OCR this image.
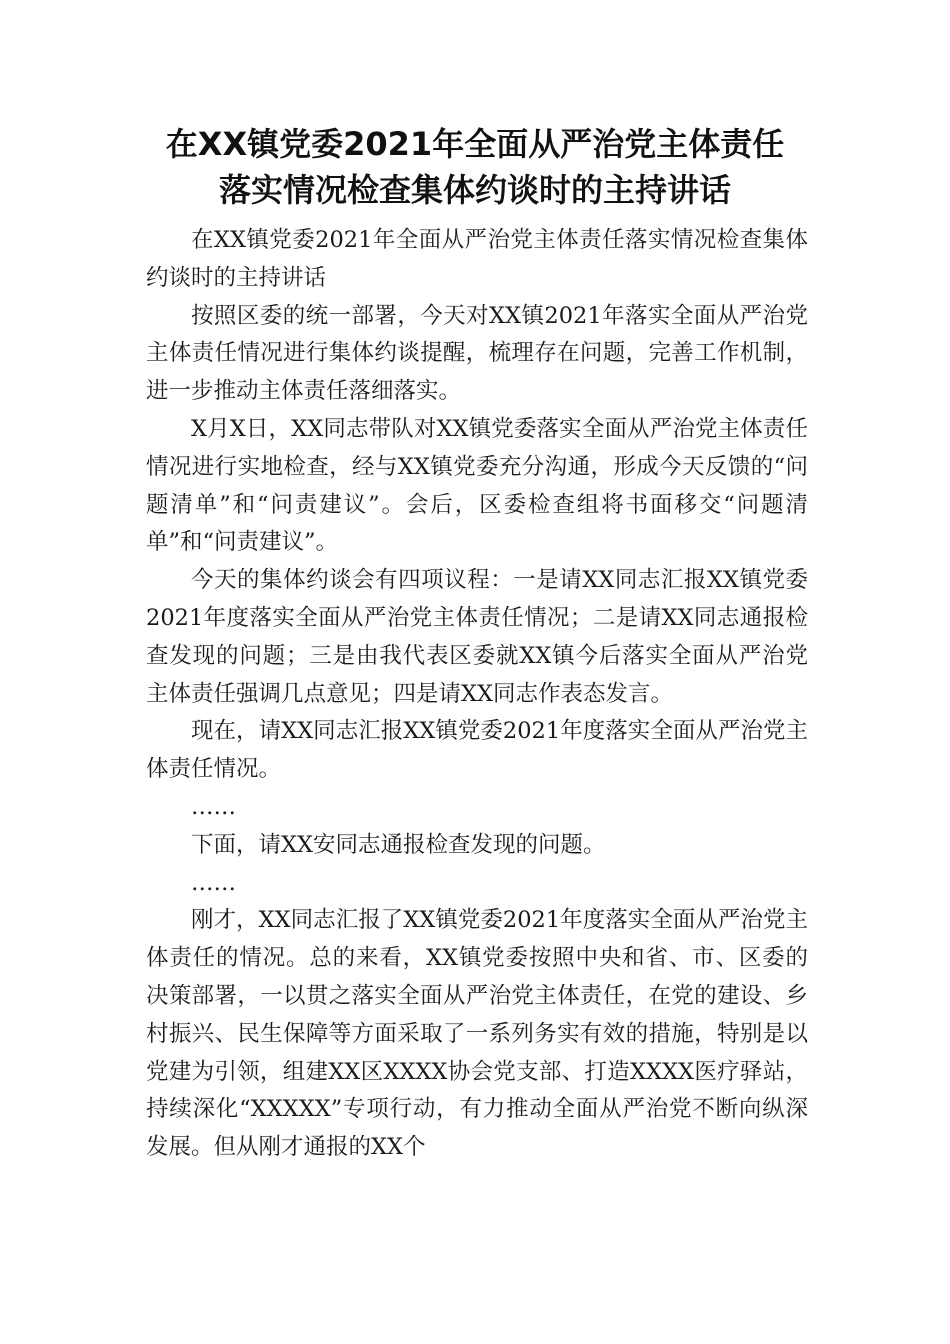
在XX镇党委2021年全面从严治党主体责任
落实情况检查集体约谈时的主持讲话

在XX镇党委2021年全面从严治党主体责任落实情况检查集体约谈时的主持讲话

按照区委的统一部署，今天对XX镇2021年落实全面从严治党主体责任情况进行集体约谈提醒，梳理存在问题，完善工作机制，进一步推动主体责任落细落实。

X月X日，XX同志带队对XX镇党委落实全面从严治党主体责任情况进行实地检查，经与XX镇党委充分沟通，形成今天反馈的“问题清单”和“问责建议”。会后，区委检查组将书面移交“问题清单”和“问责建议”。

今天的集体约谈会有四项议程：一是请XX同志汇报XX镇党委2021年度落实全面从严治党主体责任情况；二是请XX同志通报检查发现的问题；三是由我代表区委就XX镇今后落实全面从严治党主体责任强调几点意见；四是请XX同志作表态发言。

现在，请XX同志汇报XX镇党委2021年度落实全面从严治党主体责任情况。

……

下面，请XX安同志通报检查发现的问题。

……

刚才，XX同志汇报了XX镇党委2021年度落实全面从严治党主体责任的情况。总的来看，XX镇党委按照中央和省、市、区委的决策部署，一以贯之落实全面从严治党主体责任，在党的建设、乡村振兴、民生保障等方面采取了一系列务实有效的措施，特别是以党建为引领，组建XX区XXXX协会党支部、打造XXXX医疗驿站，持续深化“XXXXX”专项行动，有力推动全面从严治党不断向纵深发展。但从刚才通报的XX个
